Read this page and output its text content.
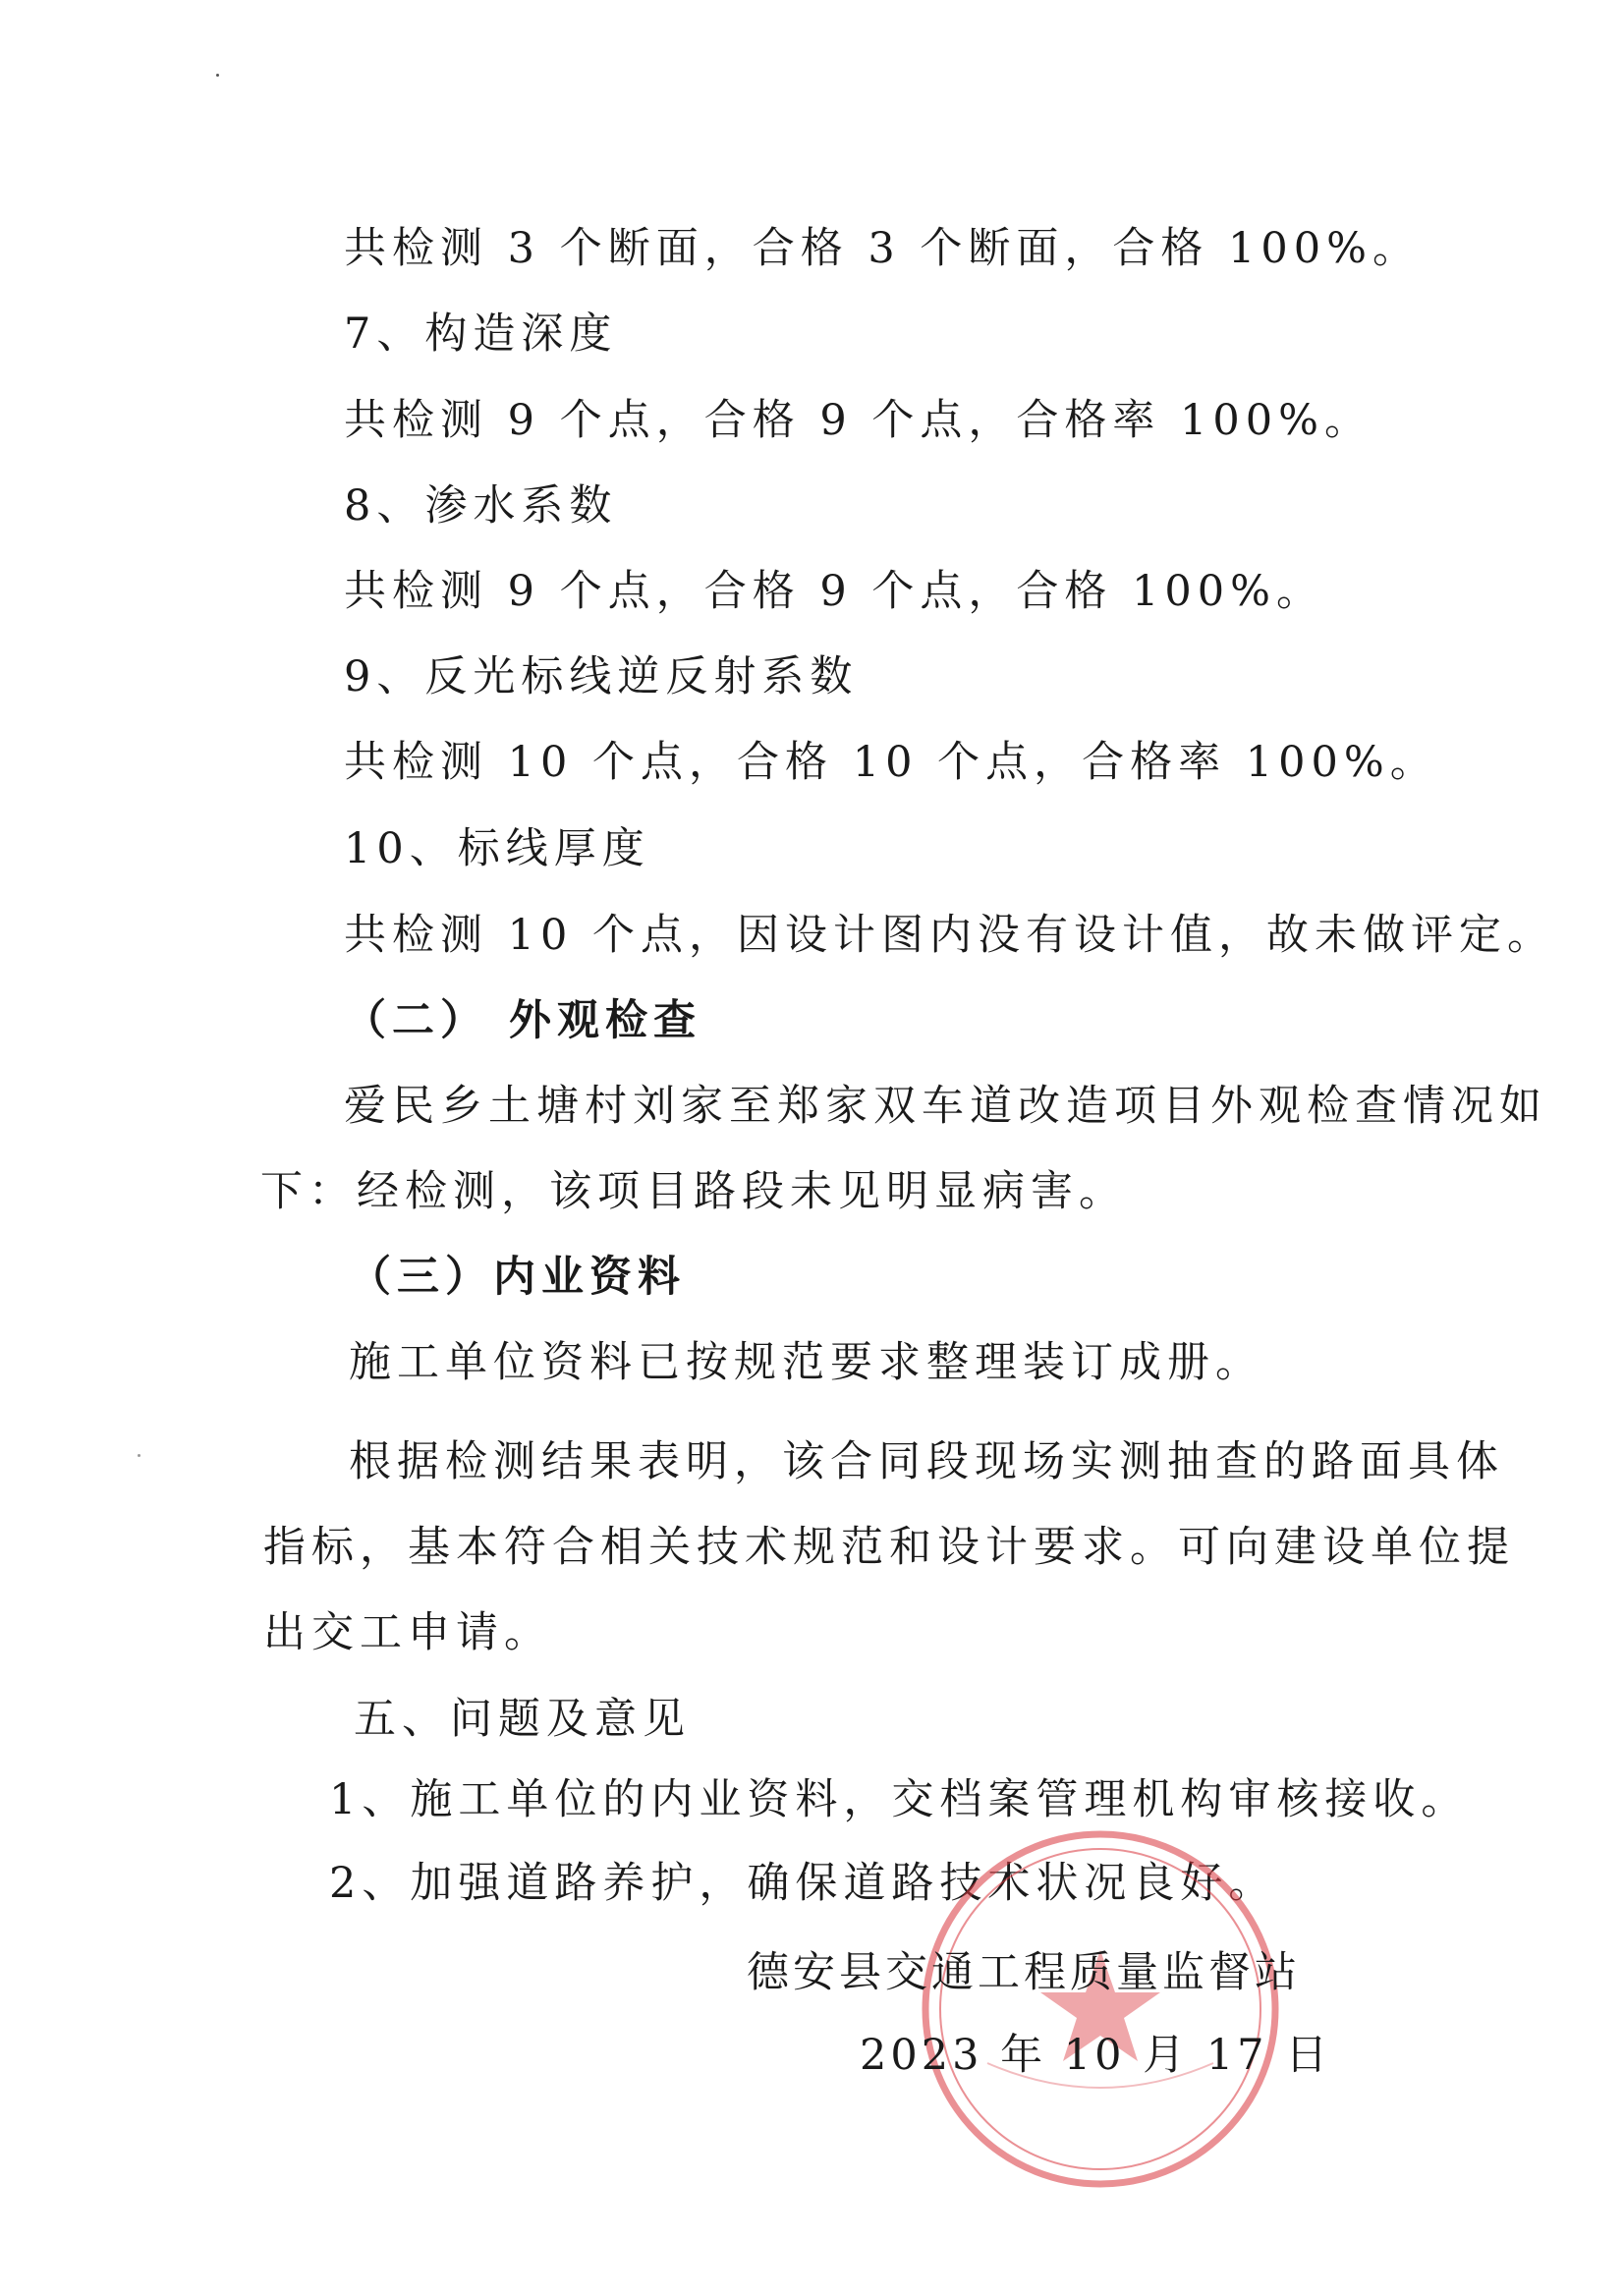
共检测 3 个断面，合格 3 个断面，合格 100%。
7、构造深度
共检测 9 个点，合格 9 个点，合格率 100%。
8、渗水系数
共检测 9 个点，合格 9 个点，合格 100%。
9、反光标线逆反射系数
共检测 10 个点，合格 10 个点，合格率 100%。
10、标线厚度
共检测 10 个点，因设计图内没有设计值，故未做评定。
（二） 外观检查
爱民乡土塘村刘家至郑家双车道改造项目外观检查情况如
下：经检测，该项目路段未见明显病害。
（三）内业资料
施工单位资料已按规范要求整理装订成册。
根据检测结果表明，该合同段现场实测抽查的路面具体
指标，基本符合相关技术规范和设计要求。可向建设单位提
出交工申请。
五、问题及意见
1、施工单位的内业资料，交档案管理机构审核接收。
2、加强道路养护，确保道路技术状况良好。
德安县交通工程质量监督站
2023 年 10 月 17 日
